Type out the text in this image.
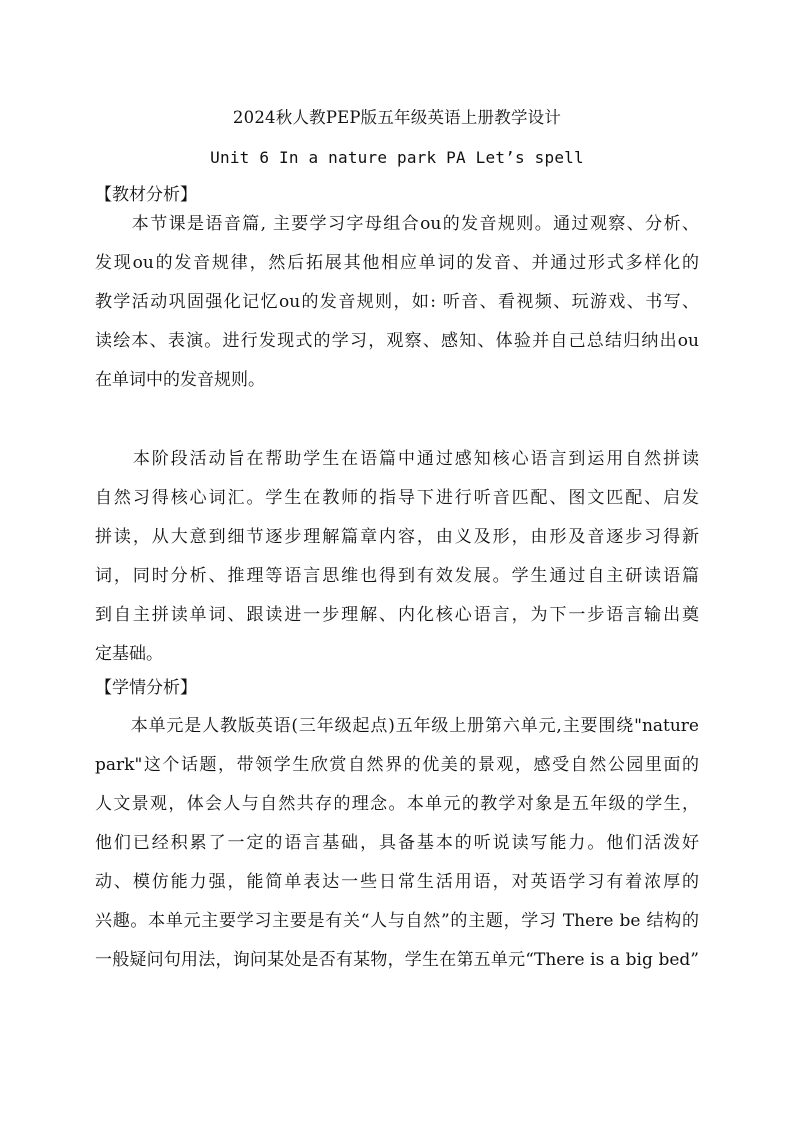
2024秋人教PEP版五年级英语上册教学设计
Unit 6 In a nature park PA Let’s spell
【教材分析】
　　本节课是语音篇, 主要学习字母组合ou的发音规则。通过观察、分析、
发现ou的发音规律，然后拓展其他相应单词的发音、并通过形式多样化的
教学活动巩固强化记忆ou的发音规则，如: 听音、看视频、玩游戏、书写、
读绘本、表演。进行发现式的学习，观察、感知、体验并自己总结归纳出ou
在单词中的发音规则。
　　本阶段活动旨在帮助学生在语篇中通过感知核心语言到运用自然拼读
自然习得核心词汇。学生在教师的指导下进行听音匹配、图文匹配、启发
拼读，从大意到细节逐步理解篇章内容，由义及形，由形及音逐步习得新
词，同时分析、推理等语言思维也得到有效发展。学生通过自主研读语篇
到自主拼读单词、跟读进一步理解、内化核心语言，为下一步语言输出奠
定基础。
【学情分析】
　　本单元是人教版英语(三年级起点)五年级上册第六单元,主要围绕"nature
park"这个话题，带领学生欣赏自然界的优美的景观，感受自然公园里面的
人文景观，体会人与自然共存的理念。本单元的教学对象是五年级的学生，
他们已经积累了一定的语言基础，具备基本的听说读写能力。他们活泼好
动、模仿能力强，能简单表达一些日常生活用语，对英语学习有着浓厚的
兴趣。本单元主要学习主要是有关“人与自然”的主题，学习 There be 结构的
一般疑问句用法，询问某处是否有某物，学生在第五单元“There is a big bed”
